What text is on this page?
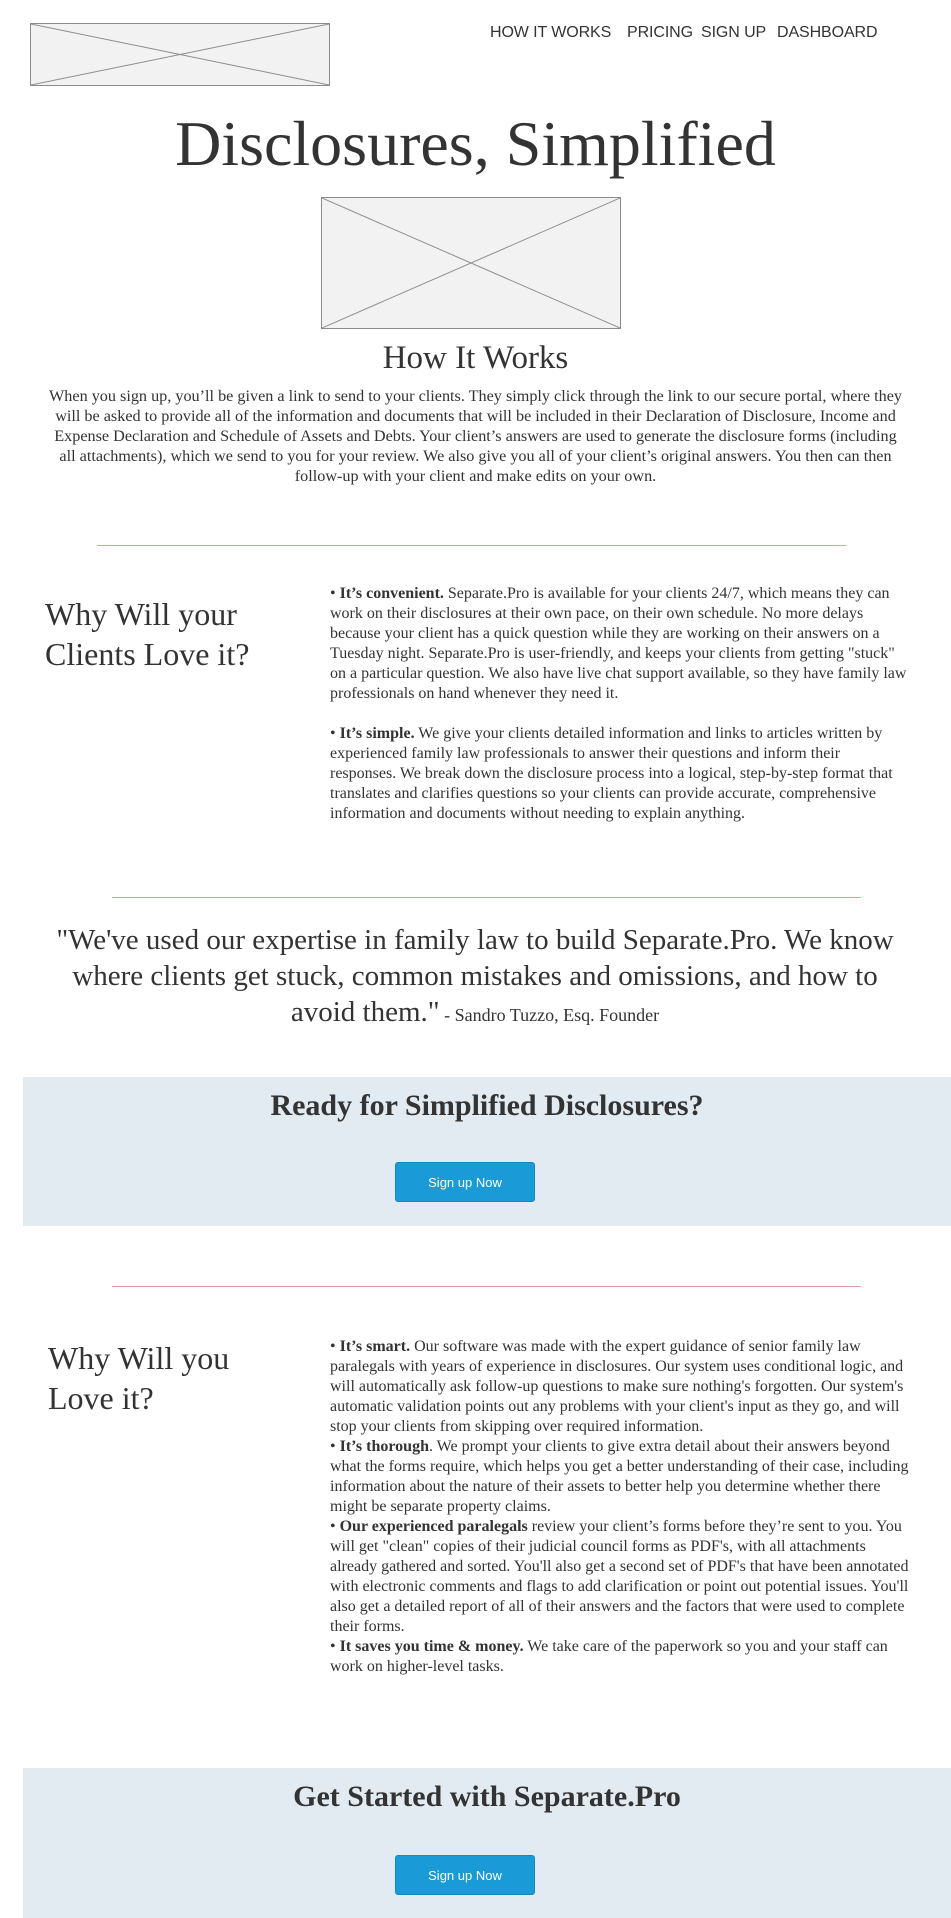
HOW IT WORKS PRICING SIGN UP DASHBOARD
Disclosures, Simplified
How It Works

When you sign up, you’ll be given a link to send to your clients. They simply click through the link to our secure portal, where they will be asked to provide all of the information and documents that will be included in their Declaration of Disclosure, Income and Expense Declaration and Schedule of Assets and Debts. Your client’s answers are used to generate the disclosure forms (including all attachments), which we send to you for your review. We also give you all of your client’s original answers. You then can then follow-up with your client and make edits on your own.

Why Will your Clients Love it?

• It’s convenient. Separate.Pro is available for your clients 24/7, which means they can work on their disclosures at their own pace, on their own schedule. No more delays because your client has a quick question while they are working on their answers on a Tuesday night. Separate.Pro is user-friendly, and keeps your clients from getting "stuck" on a particular question. We also have live chat support available, so they have family law professionals on hand whenever they need it.

• It’s simple. We give your clients detailed information and links to articles written by experienced family law professionals to answer their questions and inform their responses. We break down the disclosure process into a logical, step-by-step format that translates and clarifies questions so your clients can provide accurate, comprehensive information and documents without needing to explain anything.

"We've used our expertise in family law to build Separate.Pro. We know where clients get stuck, common mistakes and omissions, and how to avoid them." - Sandro Tuzzo, Esq. Founder
Ready for Simplified Disclosures?
Sign up Now
Why Will you Love it?

• It’s smart. Our software was made with the expert guidance of senior family law paralegals with years of experience in disclosures. Our system uses conditional logic, and will automatically ask follow-up questions to make sure nothing's forgotten. Our system's automatic validation points out any problems with your client's input as they go, and will stop your clients from skipping over required information.

• It’s thorough. We prompt your clients to give extra detail about their answers beyond what the forms require, which helps you get a better understanding of their case, including information about the nature of their assets to better help you determine whether there might be separate property claims.

• Our experienced paralegals review your client’s forms before they’re sent to you. You will get "clean" copies of their judicial council forms as PDF's, with all attachments already gathered and sorted. You'll also get a second set of PDF's that have been annotated with electronic comments and flags to add clarification or point out potential issues. You'll also get a detailed report of all of their answers and the factors that were used to complete their forms.

• It saves you time & money. We take care of the paperwork so you and your staff can work on higher-level tasks.

Get Started with Separate.Pro
Sign up Now
